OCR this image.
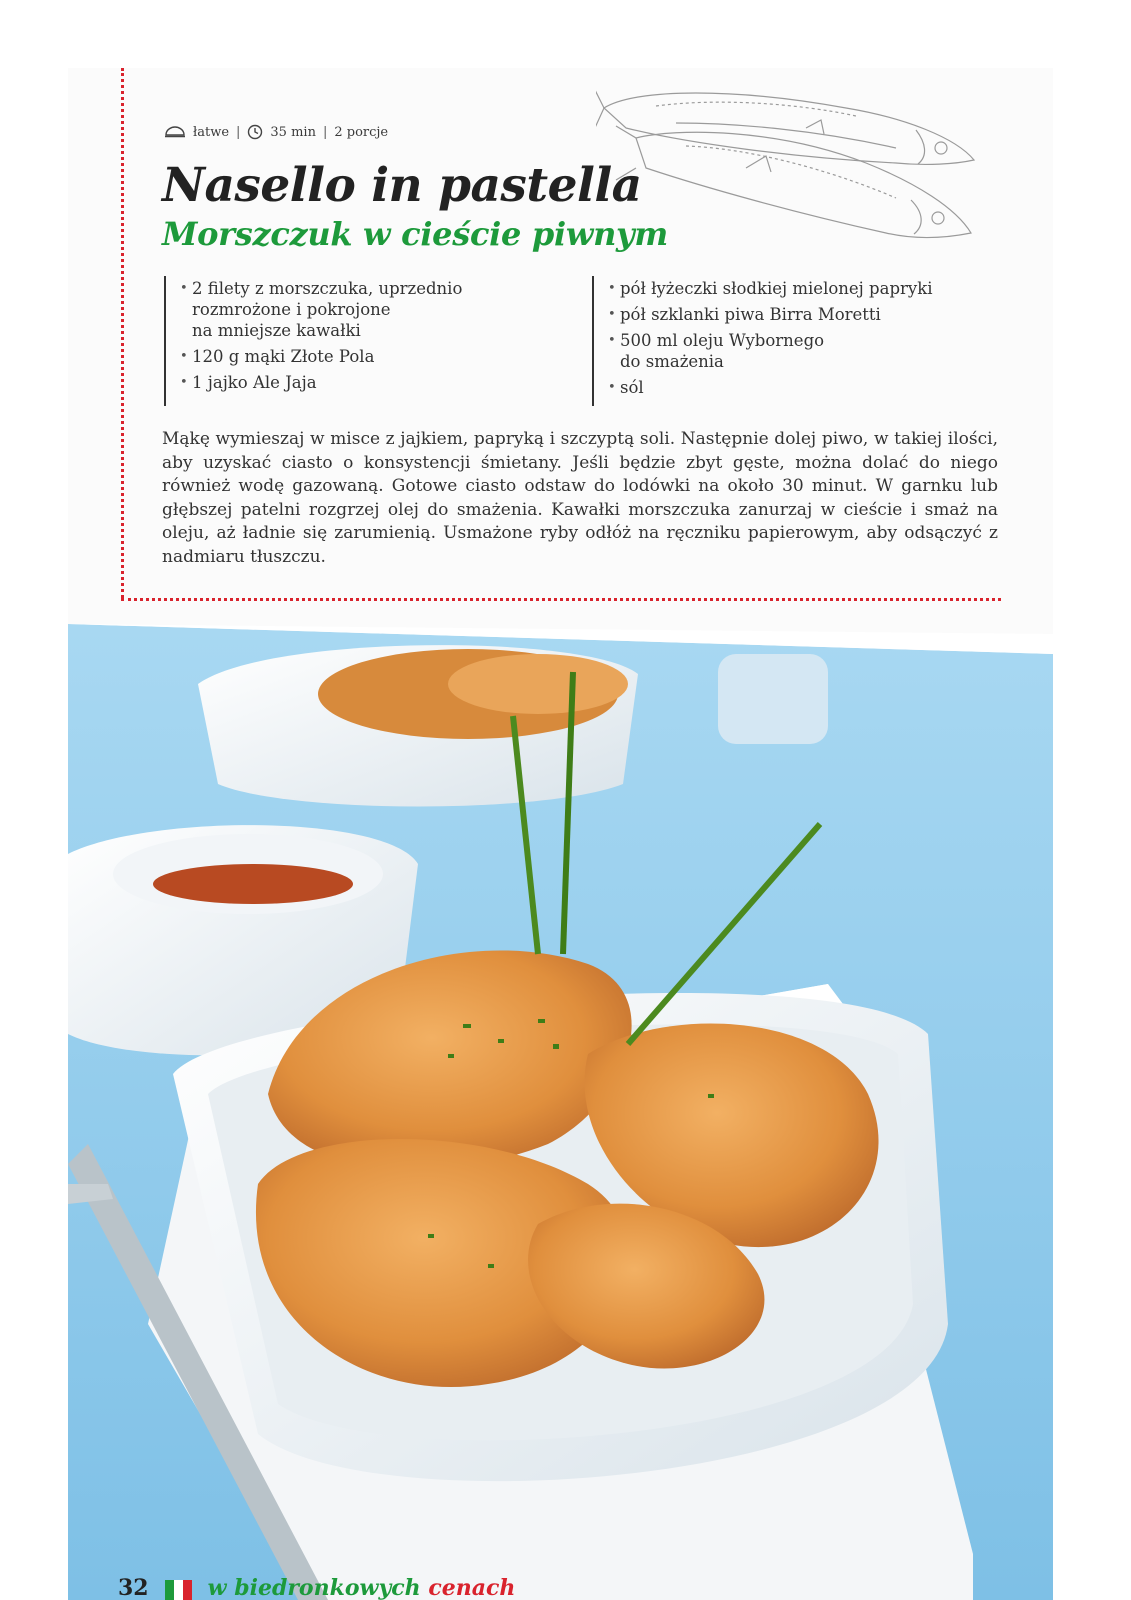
łatwe | 35 min | 2 porcje
Nasello in pastella
Morszczuk w cieście piwnym
• 2 filety z morszczuka, uprzednio
rozmrożone i pokrojone
na mniejsze kawałki
• 120 g mąki Złote Pola
• 1 jajko Ale Jaja
• pół łyżeczki słodkiej mielonej papryki
• pół szklanki piwa Birra Moretti
• 500 ml oleju Wybornego
do smażenia
• sól

Mąkę wymieszaj w misce z jajkiem, papryką i szczyptą soli. Następnie dolej piwo, w takiej ilości, aby uzyskać ciasto o konsystencji śmietany. Jeśli będzie zbyt gęste, można dolać do niego również wodę gazowaną. Gotowe ciasto odstaw do lodówki na około 30 minut. W garnku lub głębszej patelni rozgrzej olej do smażenia. Kawałki morszczuka zanurzaj w cieście i smaż na oleju, aż ładnie się zarumienią. Usmażone ryby odłóż na ręczniku papierowym, aby odsączyć z nadmiaru tłuszczu.

32	w biedronkowych cenach
